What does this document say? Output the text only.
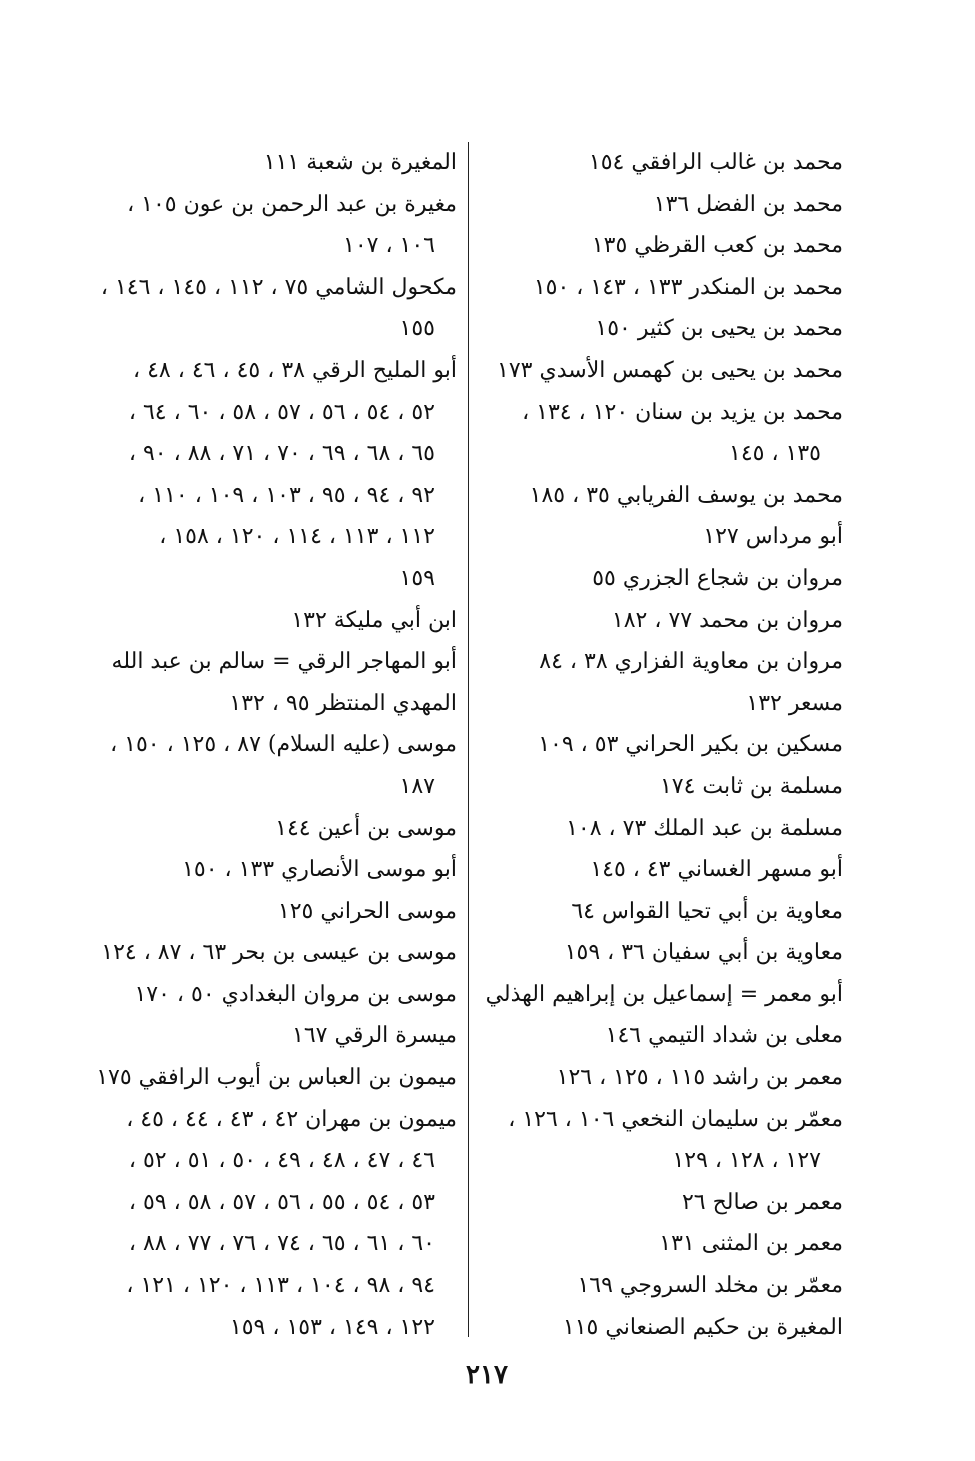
محمد بن غالب الرافقي ١٥٤
محمد بن الفضل ١٣٦
محمد بن كعب القرظي ١٣٥
محمد بن المنكدر ١٣٣ ، ١٤٣ ، ١٥٠
محمد بن يحيى بن كثير ١٥٠
محمد بن يحيى بن كهمس الأسدي ١٧٣
محمد بن يزيد بن سنان ١٢٠ ، ١٣٤ ،
١٣٥ ، ١٤٥
محمد بن يوسف الفريابي ٣٥ ، ١٨٥
أبو مرداس ١٢٧
مروان بن شجاع الجزري ٥٥
مروان بن محمد ٧٧ ، ١٨٢
مروان بن معاوية الفزاري ٣٨ ، ٨٤
مسعر ١٣٢
مسكين بن بكير الحراني ٥٣ ، ١٠٩
مسلمة بن ثابت ١٧٤
مسلمة بن عبد الملك ٧٣ ، ١٠٨
أبو مسهر الغساني ٤٣ ، ١٤٥
معاوية بن أبي تحيا القواس ٦٤
معاوية بن أبي سفيان ٣٦ ، ١٥٩
أبو معمر = إسماعيل بن إبراهيم الهذلي
معلى بن شداد التيمي ١٤٦
معمر بن راشد ١١٥ ، ١٢٥ ، ١٢٦
معمّر بن سليمان النخعي ١٠٦ ، ١٢٦ ،
١٢٧ ، ١٢٨ ، ١٢٩
معمر بن صالح ٢٦
معمر بن المثنى ١٣١
معمّر بن مخلد السروجي ١٦٩
المغيرة بن حكيم الصنعاني ١١٥
المغيرة بن شعبة ١١١
مغيرة بن عبد الرحمن بن عون ١٠٥ ،
١٠٦ ، ١٠٧
مكحول الشامي ٧٥ ، ١١٢ ، ١٤٥ ، ١٤٦ ،
١٥٥
أبو المليح الرقي ٣٨ ، ٤٥ ، ٤٦ ، ٤٨ ،
٥٢ ، ٥٤ ، ٥٦ ، ٥٧ ، ٥٨ ، ٦٠ ، ٦٤ ،
٦٥ ، ٦٨ ، ٦٩ ، ٧٠ ، ٧١ ، ٨٨ ، ٩٠ ،
٩٢ ، ٩٤ ، ٩٥ ، ١٠٣ ، ١٠٩ ، ١١٠ ،
١١٢ ، ١١٣ ، ١١٤ ، ١٢٠ ، ١٥٨ ،
١٥٩
ابن أبي مليكة ١٣٢
أبو المهاجر الرقي = سالم بن عبد الله
المهدي المنتظر ٩٥ ، ١٣٢
موسى (عليه السلام) ٨٧ ، ١٢٥ ، ١٥٠ ،
١٨٧
موسى بن أعين ١٤٤
أبو موسى الأنصاري ١٣٣ ، ١٥٠
موسى الحراني ١٢٥
موسى بن عيسى بن بحر ٦٣ ، ٨٧ ، ١٢٤
موسى بن مروان البغدادي ٥٠ ، ١٧٠
ميسرة الرقي ١٦٧
ميمون بن العباس بن أيوب الرافقي ١٧٥
ميمون بن مهران ٤٢ ، ٤٣ ، ٤٤ ، ٤٥ ،
٤٦ ، ٤٧ ، ٤٨ ، ٤٩ ، ٥٠ ، ٥١ ، ٥٢ ،
٥٣ ، ٥٤ ، ٥٥ ، ٥٦ ، ٥٧ ، ٥٨ ، ٥٩ ،
٦٠ ، ٦١ ، ٦٥ ، ٧٤ ، ٧٦ ، ٧٧ ، ٨٨ ،
٩٤ ، ٩٨ ، ١٠٤ ، ١١٣ ، ١٢٠ ، ١٢١ ،
١٢٢ ، ١٤٩ ، ١٥٣ ، ١٥٩
٢١٧
